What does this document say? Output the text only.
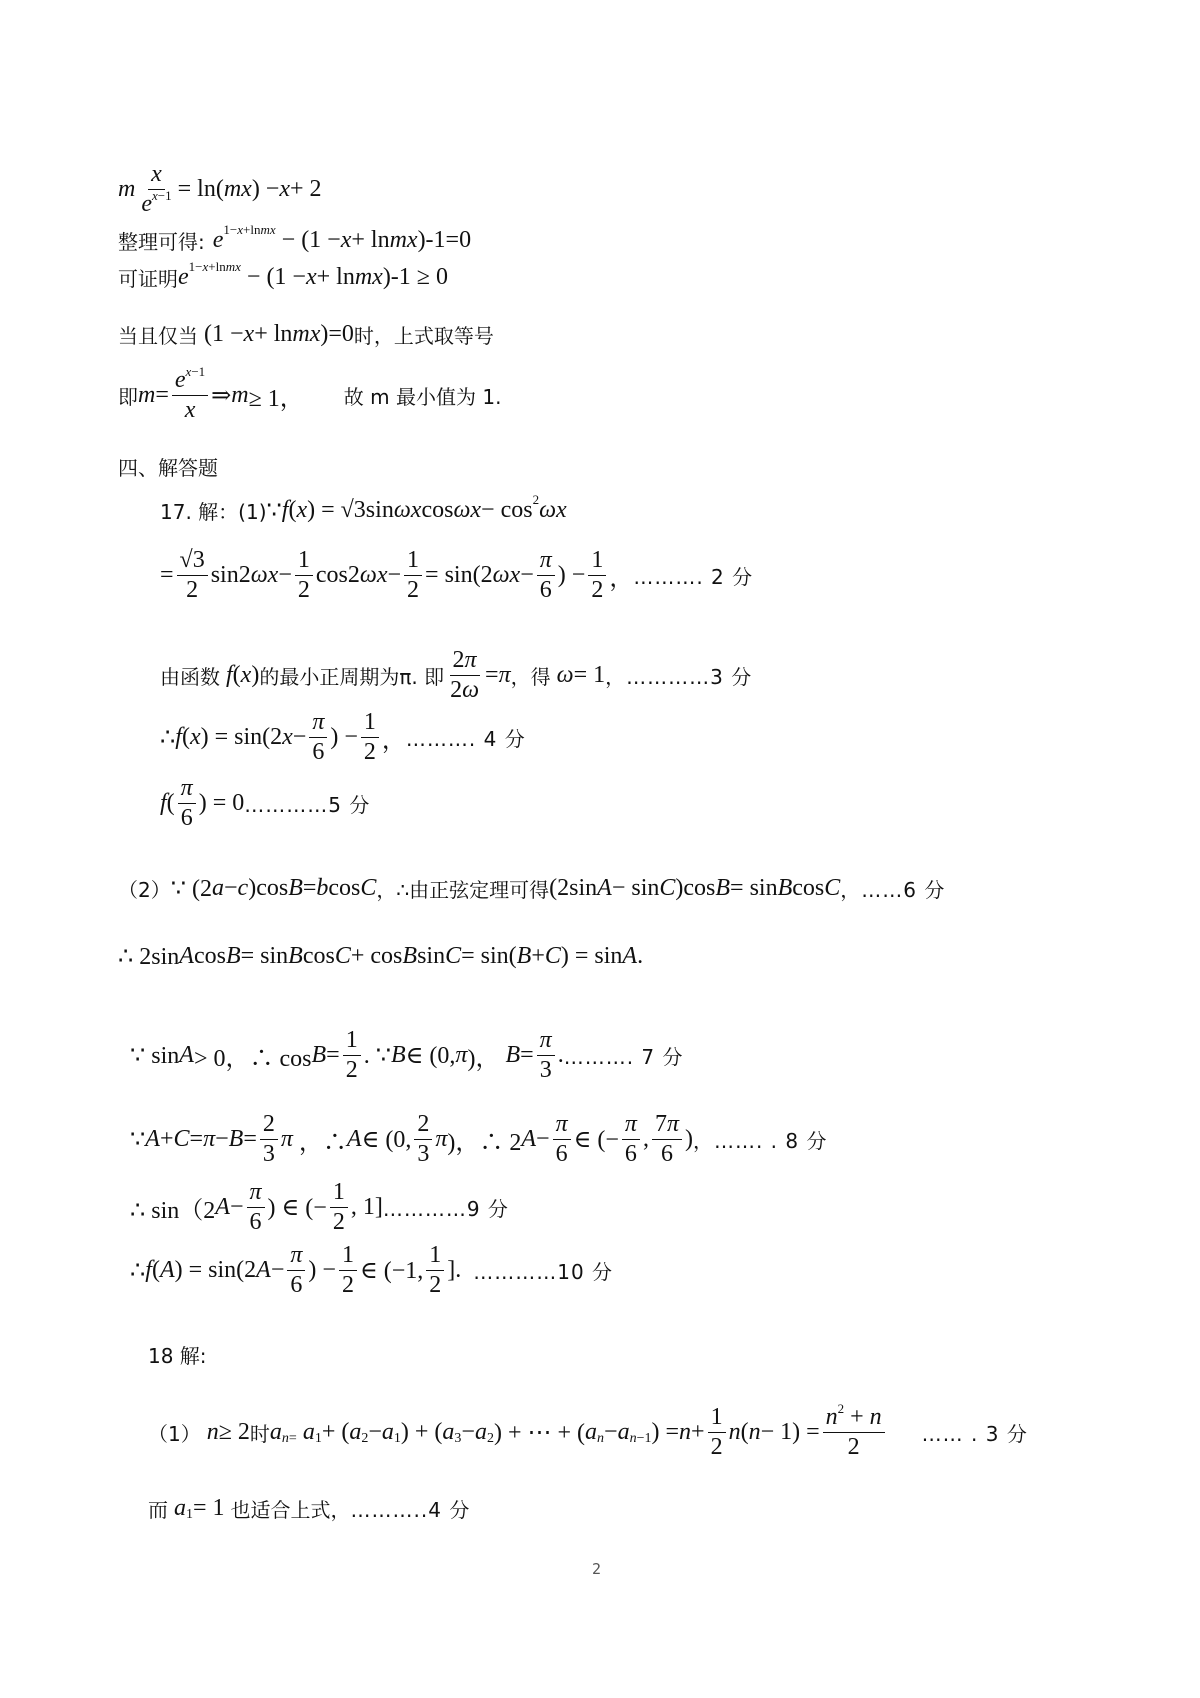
m $\frac{x}{e^{x-1}} = \ln$( mx ) − x + 2
整理可得: e 1−x+lnmx − (1 − x + ln mx )-1=0
可证明 e 1−x+lnmx − (1 − x + ln mx )-1 ≥ 0
当且仅当 (1 − x + ln mx )=0 时，上式取等号
即 $m = \frac{e^{x-1}}{x}$ ⇒ m ≥ 1， 故 m 最小值为 1.
四、解答题
17. 解：(1) ∵ f ( x ) = √3sin ωx cos ωx − cos 2 ωx
= $\frac{√3}{2} \sin 2$ $\omega x - \frac{1}{2} \cos 2$ $\omega x - \frac{1}{2} = \sin(2$ $\omega x - \frac{\pi}{6}$ ) − $\frac{1}{2}$ ， ………. 2 分
由函数 f ( x ) 的最小正周期为π. 即 $\frac{2\pi}{2\omega} = \pi$ ，得 ω = 1 ，…………3 分
∴ f ( x ) = sin(2 $x - \frac{\pi}{6}$ ) − $\frac{1}{2}$ ， ………. 4 分
f ( $\frac{\pi}{6}$ ) = 0 …………5 分
（2） ∵ (2 a − c )cos B = b cos C ，∴由正弦定理可得 (2sin A − sin C )cos B = sin B cos C ，……6 分
∴ 2sin A cos B = sin B cos C + cos B sin C = sin( B + C ) = sin A .
∵ sin A > 0，∴ $\cos B = \frac{1}{2}$ . ∵ B ∈ (0, π )， $B = \frac{\pi}{3}$ . ………. 7 分
∵ $A + C = \pi - B = \frac{2}{3}$ π ，∴ A ∈ (0, $\frac{2}{3}$ π )，∴ 2 $A - \frac{\pi}{6}$ ∈ (− $\frac{\pi}{6}$ , $\frac{7\pi}{6}$ ) ，……. . 8 分
∴ sin（2 $A - \frac{\pi}{6}$ ) ∈ (− $\frac{1}{2}$ , 1] …………9 分
∴ f ( A ) = sin(2 $A - \frac{\pi}{6}$ ) − $\frac{1}{2}$ ∈ (−1, $\frac{1}{2}$ ]. …………10 分
18 解:
（1） n ≥ 2 时 a n=
a 1 + ( a 2 − a 1 ) + ( a 3 − a 2 ) + ⋯ + ( a n − a n−1 ) = $n + \frac{1}{2}$ n ( $n - 1) = \frac{n^2 + n}{2}$ …… . 3 分
而 a 1 = 1 也适合上式， ………..4 分
2
